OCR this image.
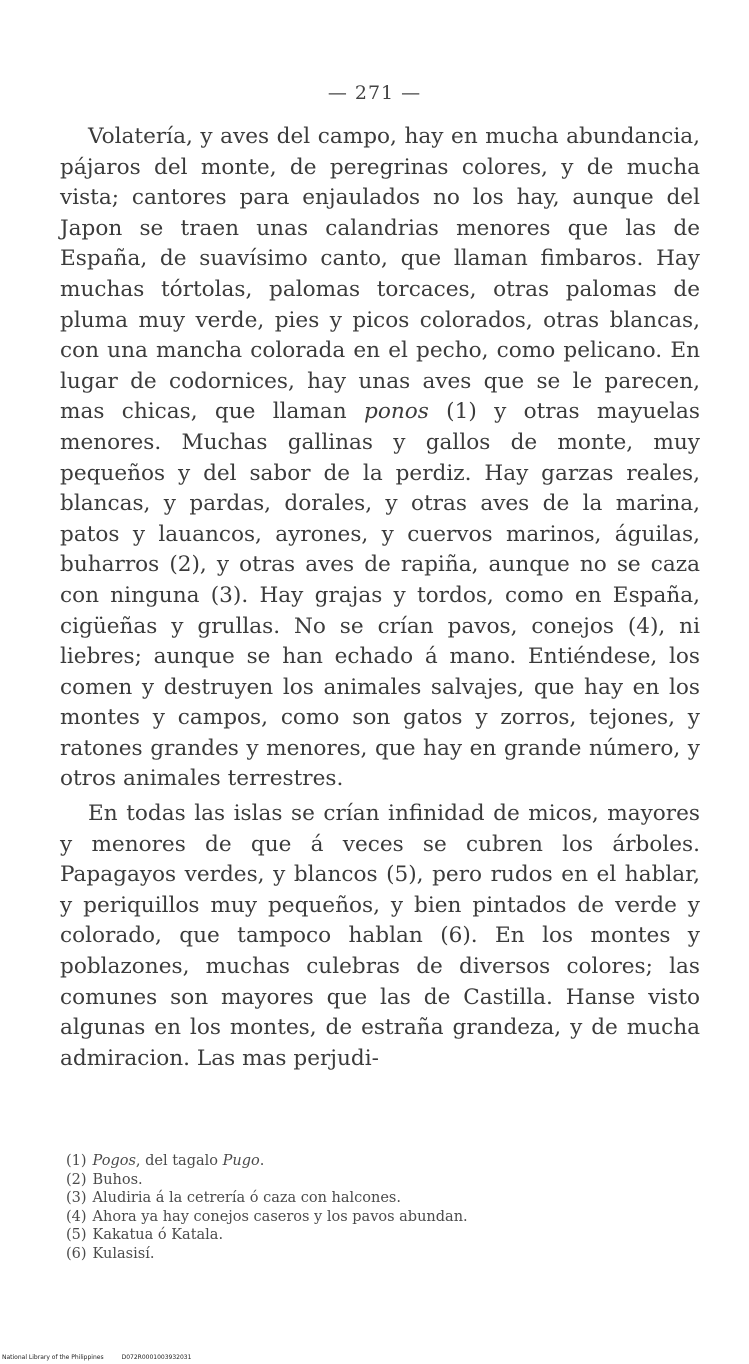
— 271 —

Volatería, y aves del campo, hay en mucha abundancia, pájaros del monte, de peregrinas colores, y de mucha vista; cantores para enjaulados no los hay, aunque del Japon se traen unas calandrias menores que las de España, de suavísimo canto, que llaman fimbaros. Hay muchas tórtolas, palomas torcaces, otras palomas de pluma muy verde, pies y picos colorados, otras blancas, con una mancha colorada en el pecho, como pelicano. En lugar de codornices, hay unas aves que se le parecen, mas chicas, que llaman ponos (1) y otras mayuelas menores. Muchas gallinas y gallos de monte, muy pequeños y del sabor de la perdiz. Hay garzas reales, blancas, y pardas, dorales, y otras aves de la marina, patos y lauancos, ayrones, y cuervos marinos, águilas, buharros (2), y otras aves de rapiña, aunque no se caza con ninguna (3). Hay grajas y tordos, como en España, cigüeñas y grullas. No se crían pavos, conejos (4), ni liebres; aunque se han echado á mano. Entiéndese, los comen y destruyen los animales salvajes, que hay en los montes y campos, como son gatos y zorros, tejones, y ratones grandes y menores, que hay en grande número, y otros animales terrestres.

En todas las islas se crían infinidad de micos, mayores y menores de que á veces se cubren los árboles. Papagayos verdes, y blancos (5), pero rudos en el hablar, y periquillos muy pequeños, y bien pintados de verde y colorado, que tampoco hablan (6). En los montes y poblazones, muchas culebras de diversos colores; las comunes son mayores que las de Castilla. Hanse visto algunas en los montes, de estraña grandeza, y de mucha admiracion. Las mas perjudi-

(1) Pogos, del tagalo Pugo.
(2) Buhos.
(3) Aludiria á la cetrería ó caza con halcones.
(4) Ahora ya hay conejos caseros y los pavos abundan.
(5) Kakatua ó Katala.
(6) Kulasisí.
National Library of the Philippines	D072R0001003932031
